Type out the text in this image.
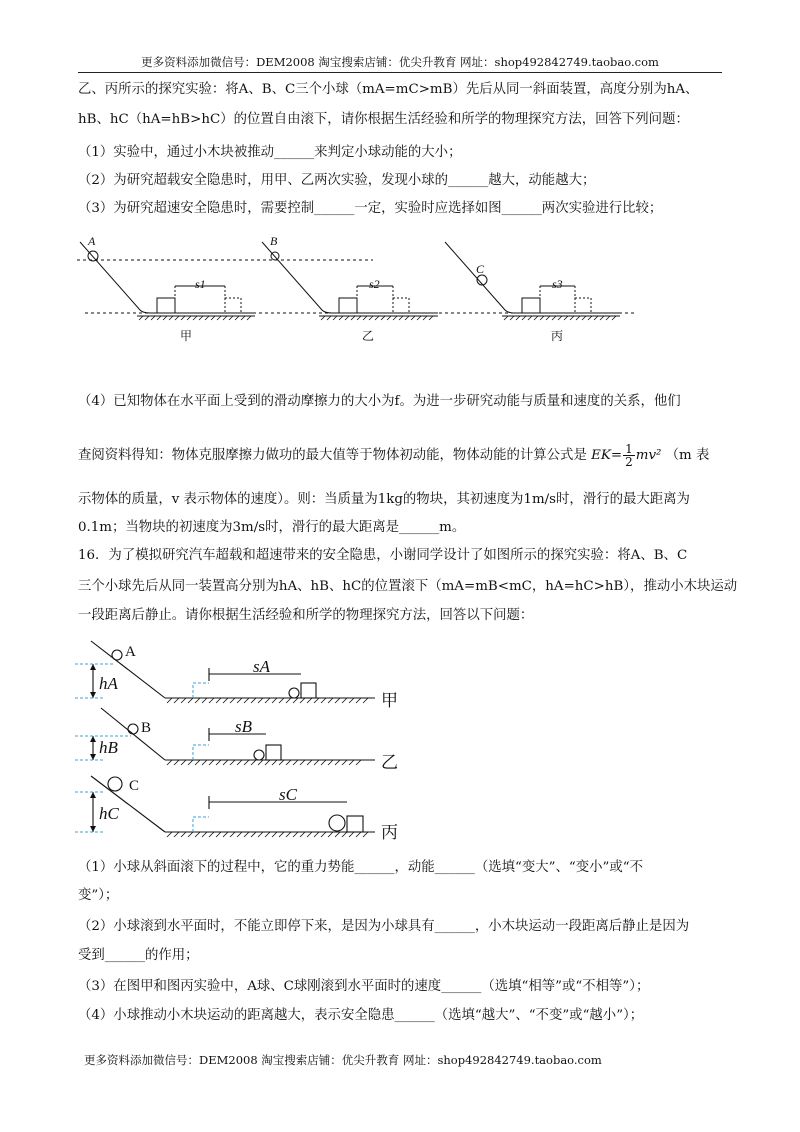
更多资料添加微信号：DEM2008 淘宝搜索店铺：优尖升教育 网址：shop492842749.taobao.com
乙、丙所示的探究实验：将A、B、C三个小球（mA=mC>mB）先后从同一斜面装置，高度分别为hA、
hB、hC（hA=hB>hC）的位置自由滚下，请你根据生活经验和所学的物理探究方法，回答下列问题：
（1）实验中，通过小木块被推动______来判定小球动能的大小；
（2）为研究超载安全隐患时，用甲、乙两次实验，发现小球的______越大，动能越大；
（3）为研究超速安全隐患时，需要控制______一定，实验时应选择如图______两次实验进行比较；
A	B
C
s1	s2	s3
甲	乙	丙
（4）已知物体在水平面上受到的滑动摩擦力的大小为f。为进一步研究动能与质量和速度的关系，他们
查阅资料得知：物体克服摩擦力做功的最大值等于物体初动能，物体动能的计算公式是 $EK= \frac{1}{2} mv^2$ （m 表
示物体的质量，v 表示物体的速度）。则：当质量为1kg的物块，其初速度为1m/s时，滑行的最大距离为
0.1m；当物块的初速度为3m/s时，滑行的最大距离是______m。
16．为了模拟研究汽车超载和超速带来的安全隐患，小谢同学设计了如图所示的探究实验：将A、B、C
三个小球先后从同一装置高分别为hA、hB、hC的位置滚下（mA=mB<mC，hA=hC>hB），推动小木块运动
一段距离后静止。请你根据生活经验和所学的物理探究方法，回答以下问题：
A
B
C
hA
hB
hC
sA
sB
sC
甲
乙
丙
（1）小球从斜面滚下的过程中，它的重力势能______，动能______（选填“变大”、“变小”或“不
变”）；
（2）小球滚到水平面时，不能立即停下来，是因为小球具有______，小木块运动一段距离后静止是因为
受到______的作用；
（3）在图甲和图丙实验中，A球、C球刚滚到水平面时的速度______（选填“相等”或“不相等”）；
（4）小球推动小木块运动的距离越大，表示安全隐患______（选填“越大”、“不变”或“越小”）；
更多资料添加微信号：DEM2008 淘宝搜索店铺：优尖升教育 网址：shop492842749.taobao.com
